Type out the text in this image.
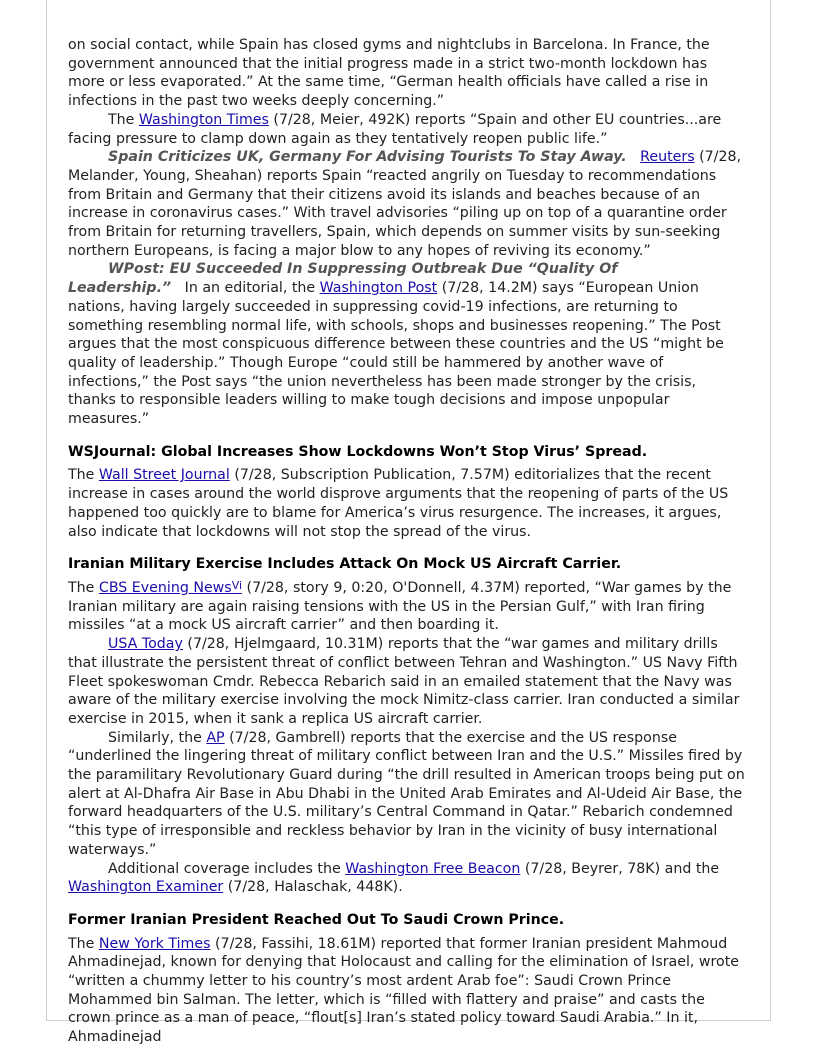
on social contact, while Spain has closed gyms and nightclubs in Barcelona. In France, the government announced that the initial progress made in a strict two-month lockdown has more or less evaporated.” At the same time, “German health officials have called a rise in infections in the past two weeks deeply concerning.”

The Washington Times (7/28, Meier, 492K) reports “Spain and other EU countries...are facing pressure to clamp down again as they tentatively reopen public life.”

Spain Criticizes UK, Germany For Advising Tourists To Stay Away. Reuters (7/28, Melander, Young, Sheahan) reports Spain “reacted angrily on Tuesday to recommendations from Britain and Germany that their citizens avoid its islands and beaches because of an increase in coronavirus cases.” With travel advisories “piling up on top of a quarantine order from Britain for returning travellers, Spain, which depends on summer visits by sun-seeking northern Europeans, is facing a major blow to any hopes of reviving its economy.”

WPost: EU Succeeded In Suppressing Outbreak Due “Quality Of Leadership.” In an editorial, the Washington Post (7/28, 14.2M) says “European Union nations, having largely succeeded in suppressing covid-19 infections, are returning to something resembling normal life, with schools, shops and businesses reopening.” The Post argues that the most conspicuous difference between these countries and the US “might be quality of leadership.” Though Europe “could still be hammered by another wave of infections,” the Post says “the union nevertheless has been made stronger by the crisis, thanks to responsible leaders willing to make tough decisions and impose unpopular measures.”

WSJournal: Global Increases Show Lockdowns Won’t Stop Virus’ Spread.

The Wall Street Journal (7/28, Subscription Publication, 7.57M) editorializes that the recent increase in cases around the world disprove arguments that the reopening of parts of the US happened too quickly are to blame for America’s virus resurgence. The increases, it argues, also indicate that lockdowns will not stop the spread of the virus.

Iranian Military Exercise Includes Attack On Mock US Aircraft Carrier.

The CBS Evening News$^{Vi}$ (7/28, story 9, 0:20, O'Donnell, 4.37M) reported, “War games by the Iranian military are again raising tensions with the US in the Persian Gulf,” with Iran firing missiles “at a mock US aircraft carrier” and then boarding it.

USA Today (7/28, Hjelmgaard, 10.31M) reports that the “war games and military drills that illustrate the persistent threat of conflict between Tehran and Washington.” US Navy Fifth Fleet spokeswoman Cmdr. Rebecca Rebarich said in an emailed statement that the Navy was aware of the military exercise involving the mock Nimitz-class carrier. Iran conducted a similar exercise in 2015, when it sank a replica US aircraft carrier.

Similarly, the AP (7/28, Gambrell) reports that the exercise and the US response “underlined the lingering threat of military conflict between Iran and the U.S.” Missiles fired by the paramilitary Revolutionary Guard during “the drill resulted in American troops being put on alert at Al-Dhafra Air Base in Abu Dhabi in the United Arab Emirates and Al-Udeid Air Base, the forward headquarters of the U.S. military’s Central Command in Qatar.” Rebarich condemned “this type of irresponsible and reckless behavior by Iran in the vicinity of busy international waterways.”

Additional coverage includes the Washington Free Beacon (7/28, Beyrer, 78K) and the Washington Examiner (7/28, Halaschak, 448K).

Former Iranian President Reached Out To Saudi Crown Prince.

The New York Times (7/28, Fassihi, 18.61M) reported that former Iranian president Mahmoud Ahmadinejad, known for denying that Holocaust and calling for the elimination of Israel, wrote “written a chummy letter to his country’s most ardent Arab foe”: Saudi Crown Prince Mohammed bin Salman. The letter, which is “filled with flattery and praise” and casts the crown prince as a man of peace, “flout[s] Iran’s stated policy toward Saudi Arabia.” In it, Ahmadinejad
